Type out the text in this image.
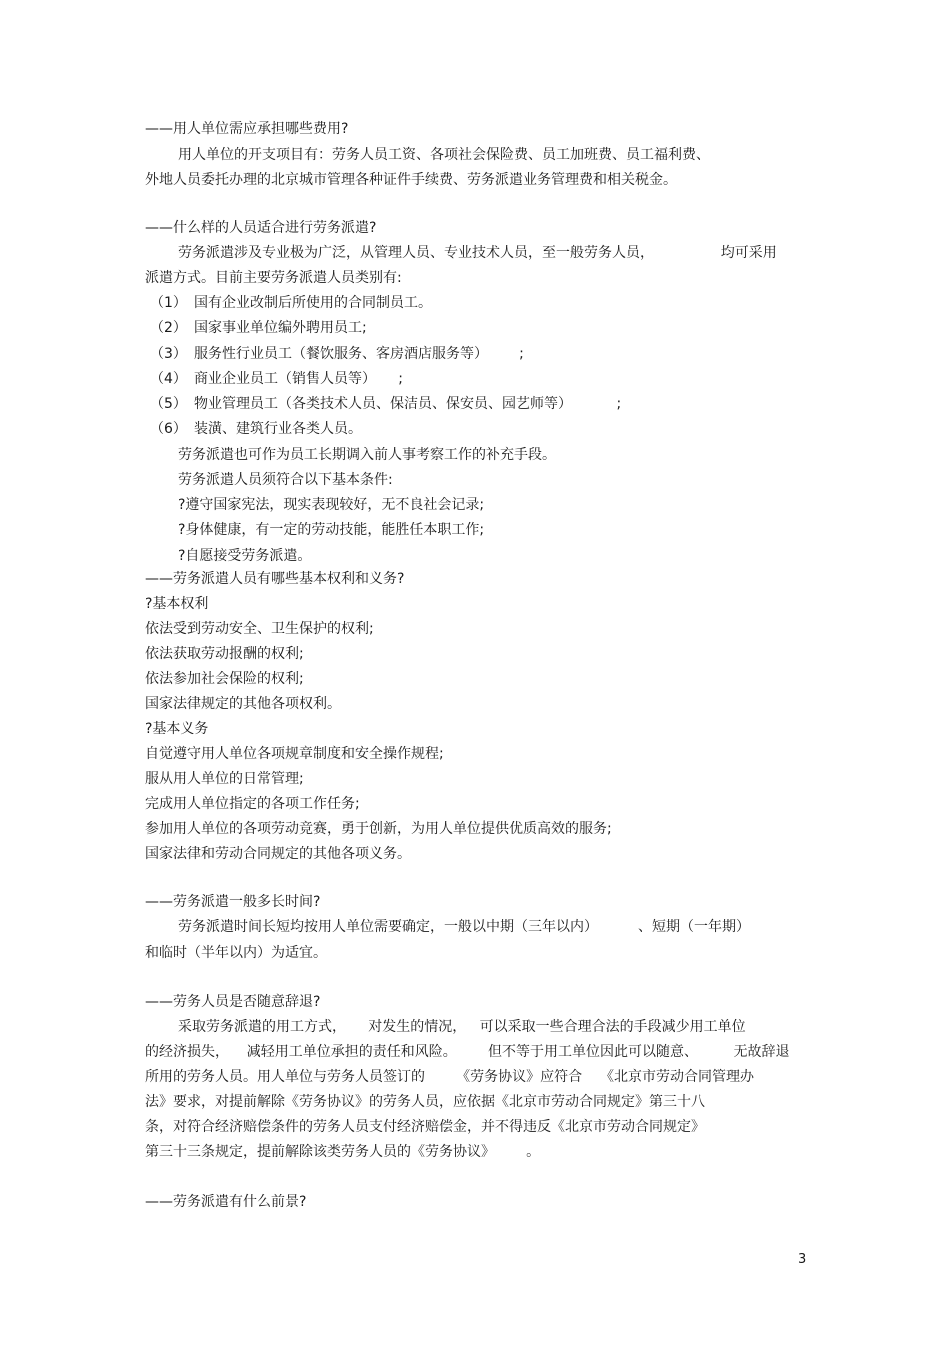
——用人单位需应承担哪些费用?

用人单位的开支项目有：劳务人员工资、各项社会保险费、员工加班费、员工福利费、

外地人员委托办理的北京城市管理各种证件手续费、劳务派遣业务管理费和相关税金。

——什么样的人员适合进行劳务派遣?

劳务派遣涉及专业极为广泛，从管理人员、专业技术人员，至一般劳务人员，               均可采用

派遣方式。目前主要劳务派遣人员类别有:

（1） 国有企业改制后所使用的合同制员工。

（2） 国家事业单位编外聘用员工;

（3） 服务性行业员工（餐饮服务、客房酒店服务等）       ;

（4） 商业企业员工（销售人员等）     ;

（5） 物业管理员工（各类技术人员、保洁员、保安员、园艺师等）          ;

（6） 装潢、建筑行业各类人员。

劳务派遣也可作为员工长期调入前人事考察工作的补充手段。

劳务派遣人员须符合以下基本条件:

?遵守国家宪法，现实表现较好，无不良社会记录;

?身体健康，有一定的劳动技能，能胜任本职工作;

?自愿接受劳务派遣。

——劳务派遣人员有哪些基本权利和义务?

?基本权利

依法受到劳动安全、卫生保护的权利;

依法获取劳动报酬的权利;

依法参加社会保险的权利;

国家法律规定的其他各项权利。

?基本义务

自觉遵守用人单位各项规章制度和安全操作规程;

服从用人单位的日常管理;

完成用人单位指定的各项工作任务;

参加用人单位的各项劳动竞赛，勇于创新，为用人单位提供优质高效的服务;

国家法律和劳动合同规定的其他各项义务。

——劳务派遣一般多长时间?

劳务派遣时间长短均按用人单位需要确定，一般以中期（三年以内）         、短期（一年期）

和临时（半年以内）为适宜。

——劳务人员是否随意辞退?

采取劳务派遣的用工方式，     对发生的情况，   可以采取一些合理合法的手段减少用工单位

的经济损失，    减轻用工单位承担的责任和风险。       但不等于用工单位因此可以随意、        无故辞退

所用的劳务人员。用人单位与劳务人员签订的       《劳务协议》应符合    《北京市劳动合同管理办

法》要求，对提前解除《劳务协议》的劳务人员，应依据《北京市劳动合同规定》第三十八

条，对符合经济赔偿条件的劳务人员支付经济赔偿金，并不得违反《北京市劳动合同规定》

第三十三条规定，提前解除该类劳务人员的《劳务协议》       。

——劳务派遣有什么前景?

3
